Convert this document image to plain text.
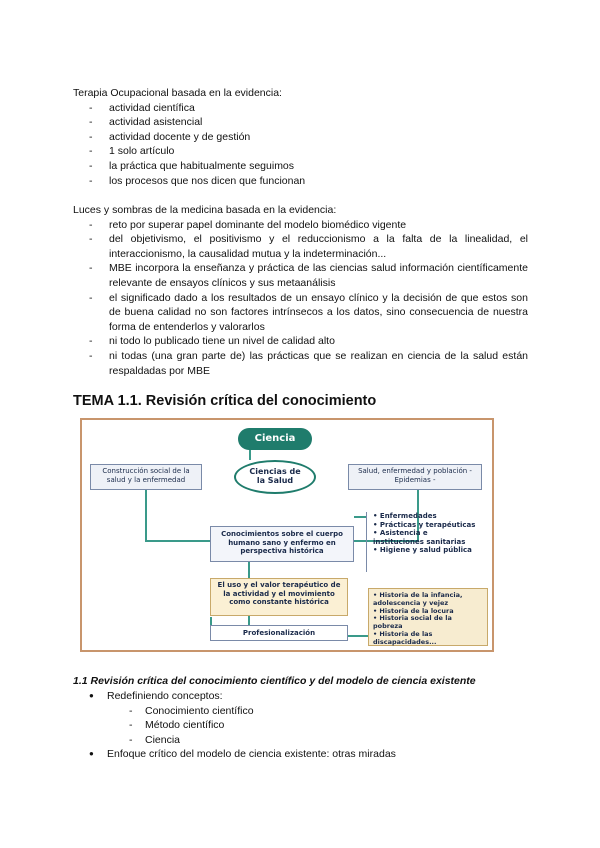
Terapia Ocupacional basada en la evidencia:

- actividad científica
- actividad asistencial
- actividad docente y de gestión
- 1 solo artículo
- la práctica que habitualmente seguimos
- los procesos que nos dicen que funcionan

Luces y sombras de la medicina basada en la evidencia:

- reto por superar papel dominante del modelo biomédico vigente
- del objetivismo, el positivismo y el reduccionismo a la falta de la linealidad, el interaccionismo, la causalidad mutua y la indeterminación...
- MBE incorpora la enseñanza y práctica de las ciencias salud información científicamente relevante de ensayos clínicos y sus metaanálisis
- el significado dado a los resultados de un ensayo clínico y la decisión de que estos son de buena calidad no son factores intrínsecos a los datos, sino consecuencia de nuestra forma de entenderlos y valorarlos
- ni todo lo publicado tiene un nivel de calidad alto
- ni todas (una gran parte de) las prácticas que se realizan en ciencia de la salud están respaldadas por MBE
TEMA 1.1. Revisión crítica del conocimiento
Ciencia
Ciencias de la Salud
Construcción social de la salud y la enfermedad
Salud, enfermedad y población - Epidemias -
• Enfermedades
• Prácticas y terapéuticas
• Asistencia e instituciones sanitarias
• Higiene y salud pública
Conocimientos sobre el cuerpo humano sano y enfermo en perspectiva histórica
El uso y el valor terapéutico de la actividad y el movimiento como constante histórica
• Historia de la infancia, adolescencia y vejez
• Historia de la locura
• Historia social de la pobreza
• Historia de las discapacidades...
Profesionalización

1.1 Revisión crítica del conocimiento científico y del modelo de ciencia existente

● Redefiniendo conceptos:
- Conocimiento científico
- Método científico
- Ciencia
● Enfoque crítico del modelo de ciencia existente: otras miradas
